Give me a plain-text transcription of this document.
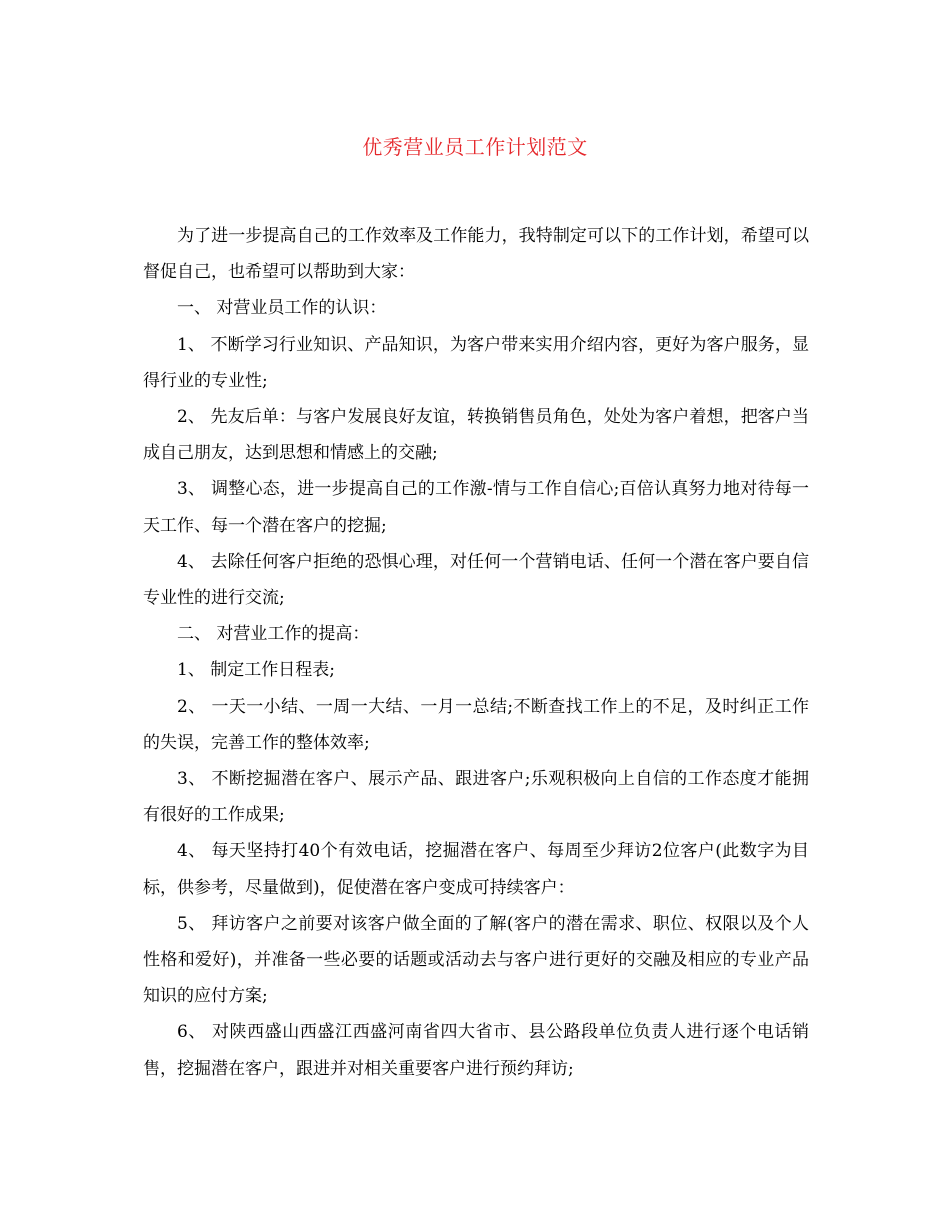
优秀营业员工作计划范文

为了进一步提高自己的工作效率及工作能力，我特制定可以下的工作计划，希望可以督促自己，也希望可以帮助到大家：

一、 对营业员工作的认识：

1、 不断学习行业知识、产品知识，为客户带来实用介绍内容，更好为客户服务，显得行业的专业性;

2、 先友后单：与客户发展良好友谊，转换销售员角色，处处为客户着想，把客户当成自己朋友，达到思想和情感上的交融;

3、 调整心态，进一步提高自己的工作激-情与工作自信心;百倍认真努力地对待每一天工作、每一个潜在客户的挖掘;

4、 去除任何客户拒绝的恐惧心理，对任何一个营销电话、任何一个潜在客户要自信专业性的进行交流;

二、 对营业工作的提高：

1、 制定工作日程表;

2、 一天一小结、一周一大结、一月一总结;不断查找工作上的不足，及时纠正工作的失误，完善工作的整体效率;

3、 不断挖掘潜在客户、展示产品、跟进客户;乐观积极向上自信的工作态度才能拥有很好的工作成果;

4、 每天坚持打40个有效电话，挖掘潜在客户、每周至少拜访2位客户(此数字为目标，供参考，尽量做到)，促使潜在客户变成可持续客户：

5、 拜访客户之前要对该客户做全面的了解(客户的潜在需求、职位、权限以及个人性格和爱好)，并准备一些必要的话题或活动去与客户进行更好的交融及相应的专业产品知识的应付方案;

6、 对陕西盛山西盛江西盛河南省四大省市、县公路段单位负责人进行逐个电话销售，挖掘潜在客户，跟进并对相关重要客户进行预约拜访;
